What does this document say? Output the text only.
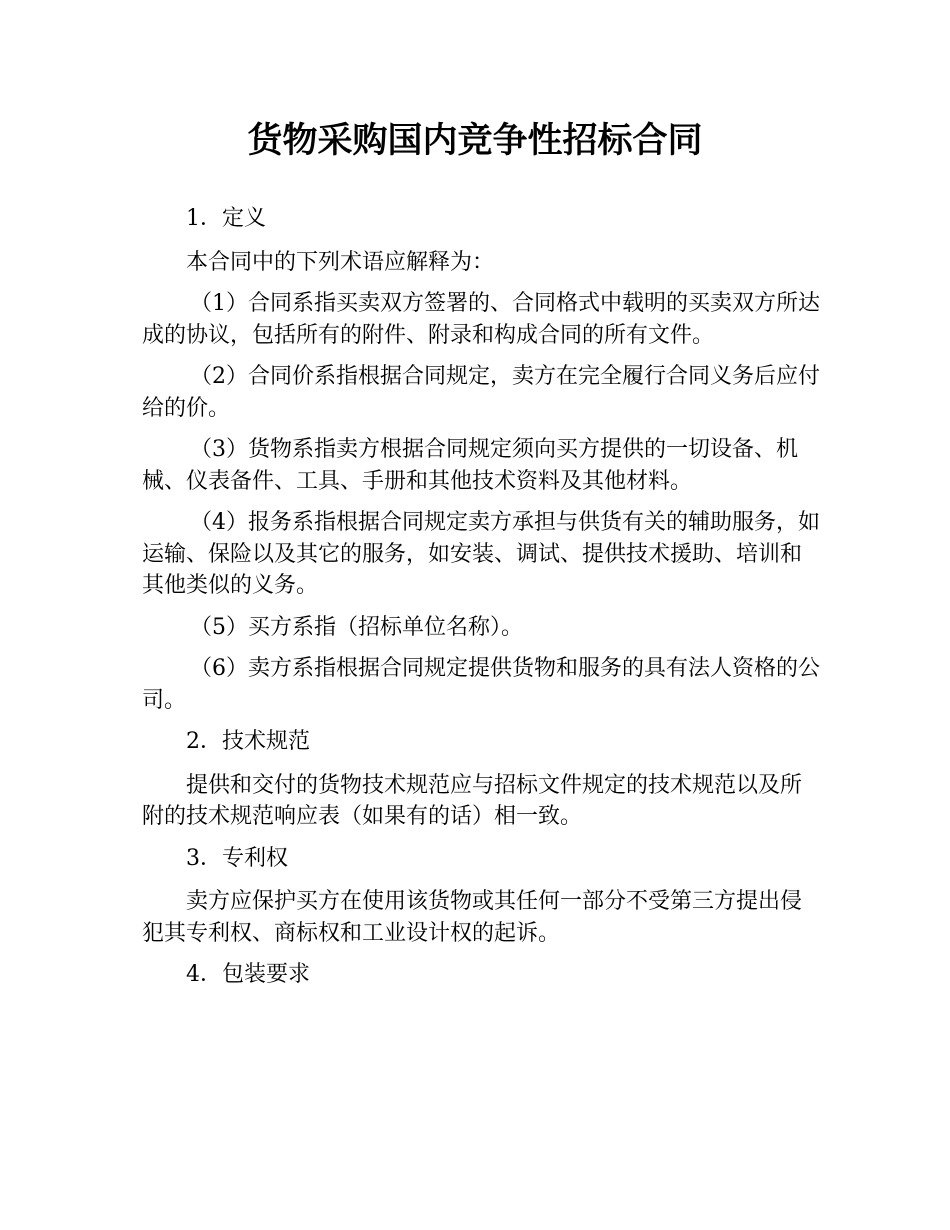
货物采购国内竞争性招标合同

1．定义

本合同中的下列术语应解释为：

（1）合同系指买卖双方签署的、合同格式中载明的买卖双方所达成的协议，包括所有的附件、附录和构成合同的所有文件。

（2）合同价系指根据合同规定，卖方在完全履行合同义务后应付给的价。

（3）货物系指卖方根据合同规定须向买方提供的一切设备、机械、仪表备件、工具、手册和其他技术资料及其他材料。

（4）报务系指根据合同规定卖方承担与供货有关的辅助服务，如运输、保险以及其它的服务，如安装、调试、提供技术援助、培训和其他类似的义务。

（5）买方系指（招标单位名称）。

（6）卖方系指根据合同规定提供货物和服务的具有法人资格的公司。

2．技术规范

提供和交付的货物技术规范应与招标文件规定的技术规范以及所附的技术规范响应表（如果有的话）相一致。

3．专利权

卖方应保护买方在使用该货物或其任何一部分不受第三方提出侵犯其专利权、商标权和工业设计权的起诉。

4．包装要求
